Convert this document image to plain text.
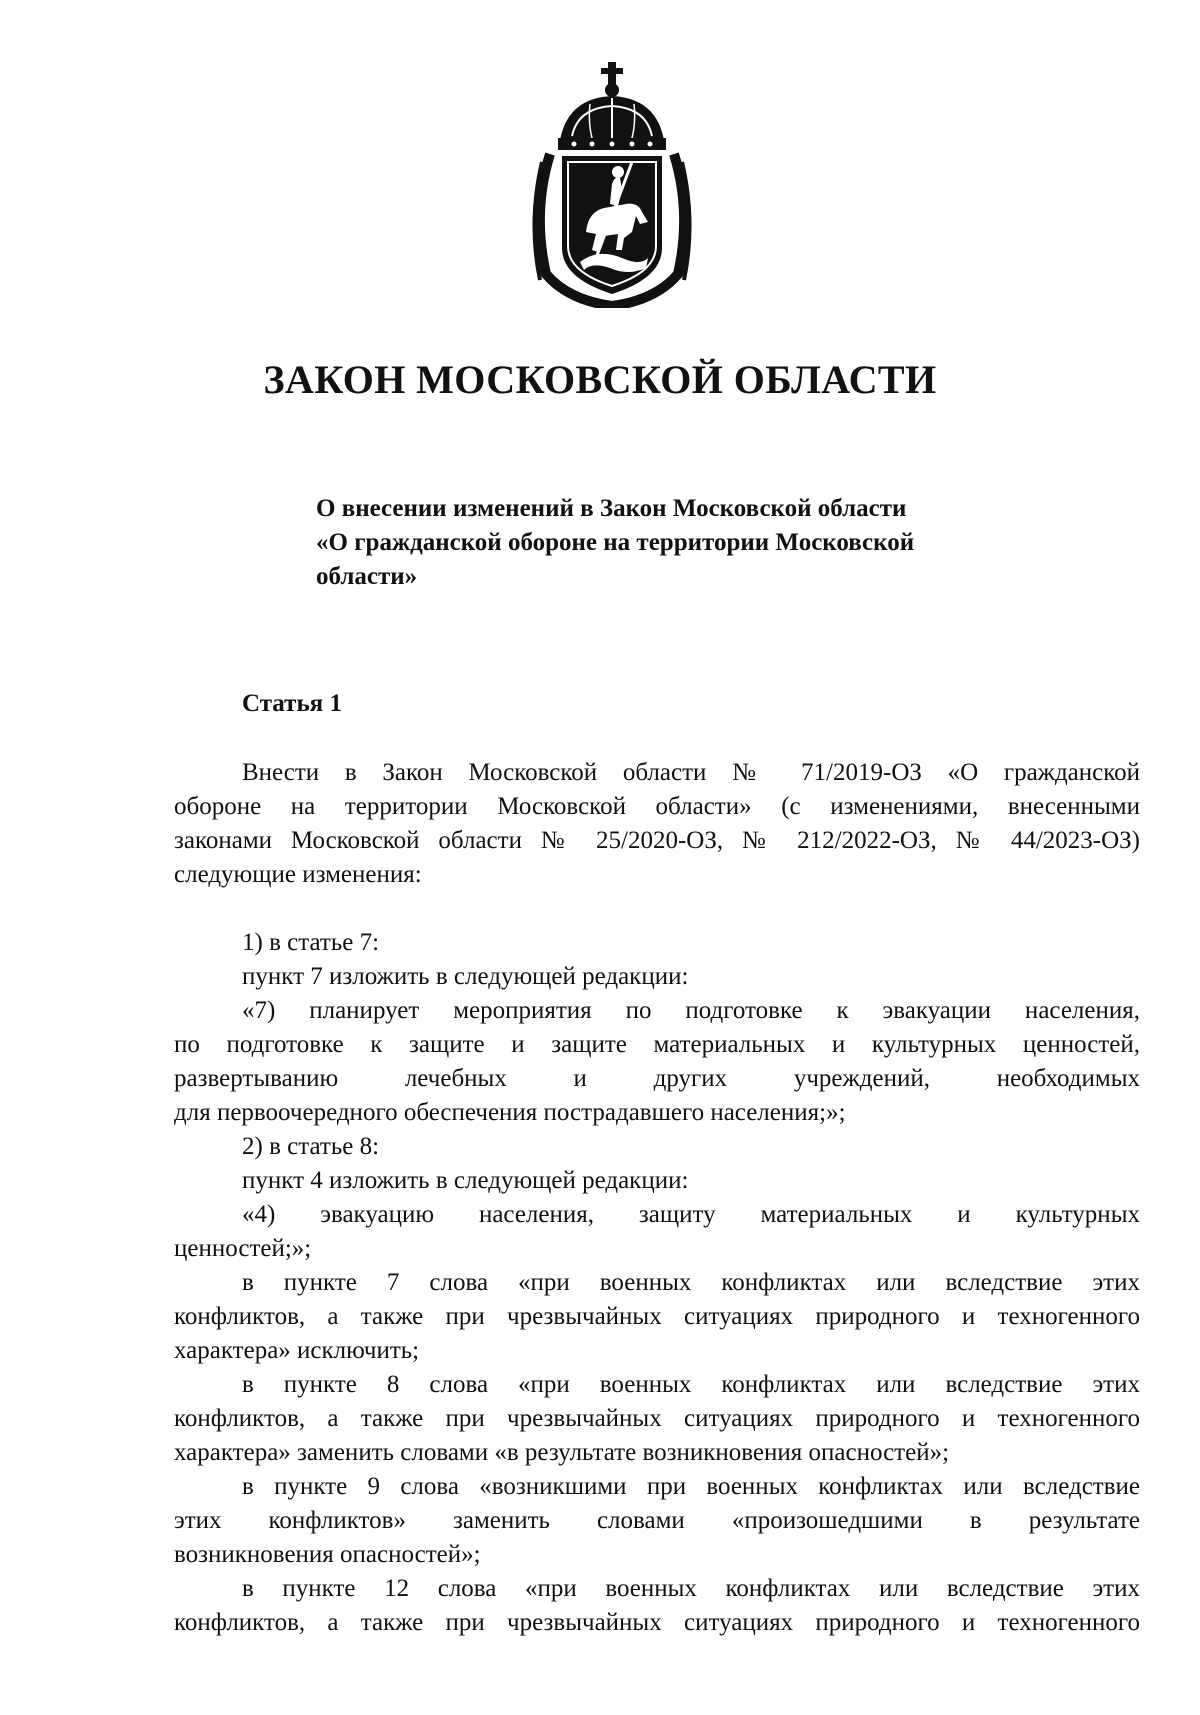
ЗАКОН МОСКОВСКОЙ ОБЛАСТИ
О внесении изменений в Закон Московской области
«О гражданской обороне на территории Московской
области»
Статья 1
Внести в Закон Московской области № 71/2019-ОЗ «О гражданской
обороне на территории Московской области» (с изменениями, внесенными
законами Московской области № 25/2020-ОЗ, № 212/2022-ОЗ, № 44/2023-ОЗ)
следующие изменения:
1) в статье 7:
пункт 7 изложить в следующей редакции:
«7) планирует мероприятия по подготовке к эвакуации населения,
по подготовке к защите и защите материальных и культурных ценностей,
развертыванию лечебных и других учреждений, необходимых
для первоочередного обеспечения пострадавшего населения;»;
2) в статье 8:
пункт 4 изложить в следующей редакции:
«4) эвакуацию населения, защиту материальных и культурных
ценностей;»;
в пункте 7 слова «при военных конфликтах или вследствие этих
конфликтов, а также при чрезвычайных ситуациях природного и техногенного
характера» исключить;
в пункте 8 слова «при военных конфликтах или вследствие этих
конфликтов, а также при чрезвычайных ситуациях природного и техногенного
характера» заменить словами «в результате возникновения опасностей»;
в пункте 9 слова «возникшими при военных конфликтах или вследствие
этих конфликтов» заменить словами «произошедшими в результате
возникновения опасностей»;
в пункте 12 слова «при военных конфликтах или вследствие этих
конфликтов, а также при чрезвычайных ситуациях природного и техногенного
